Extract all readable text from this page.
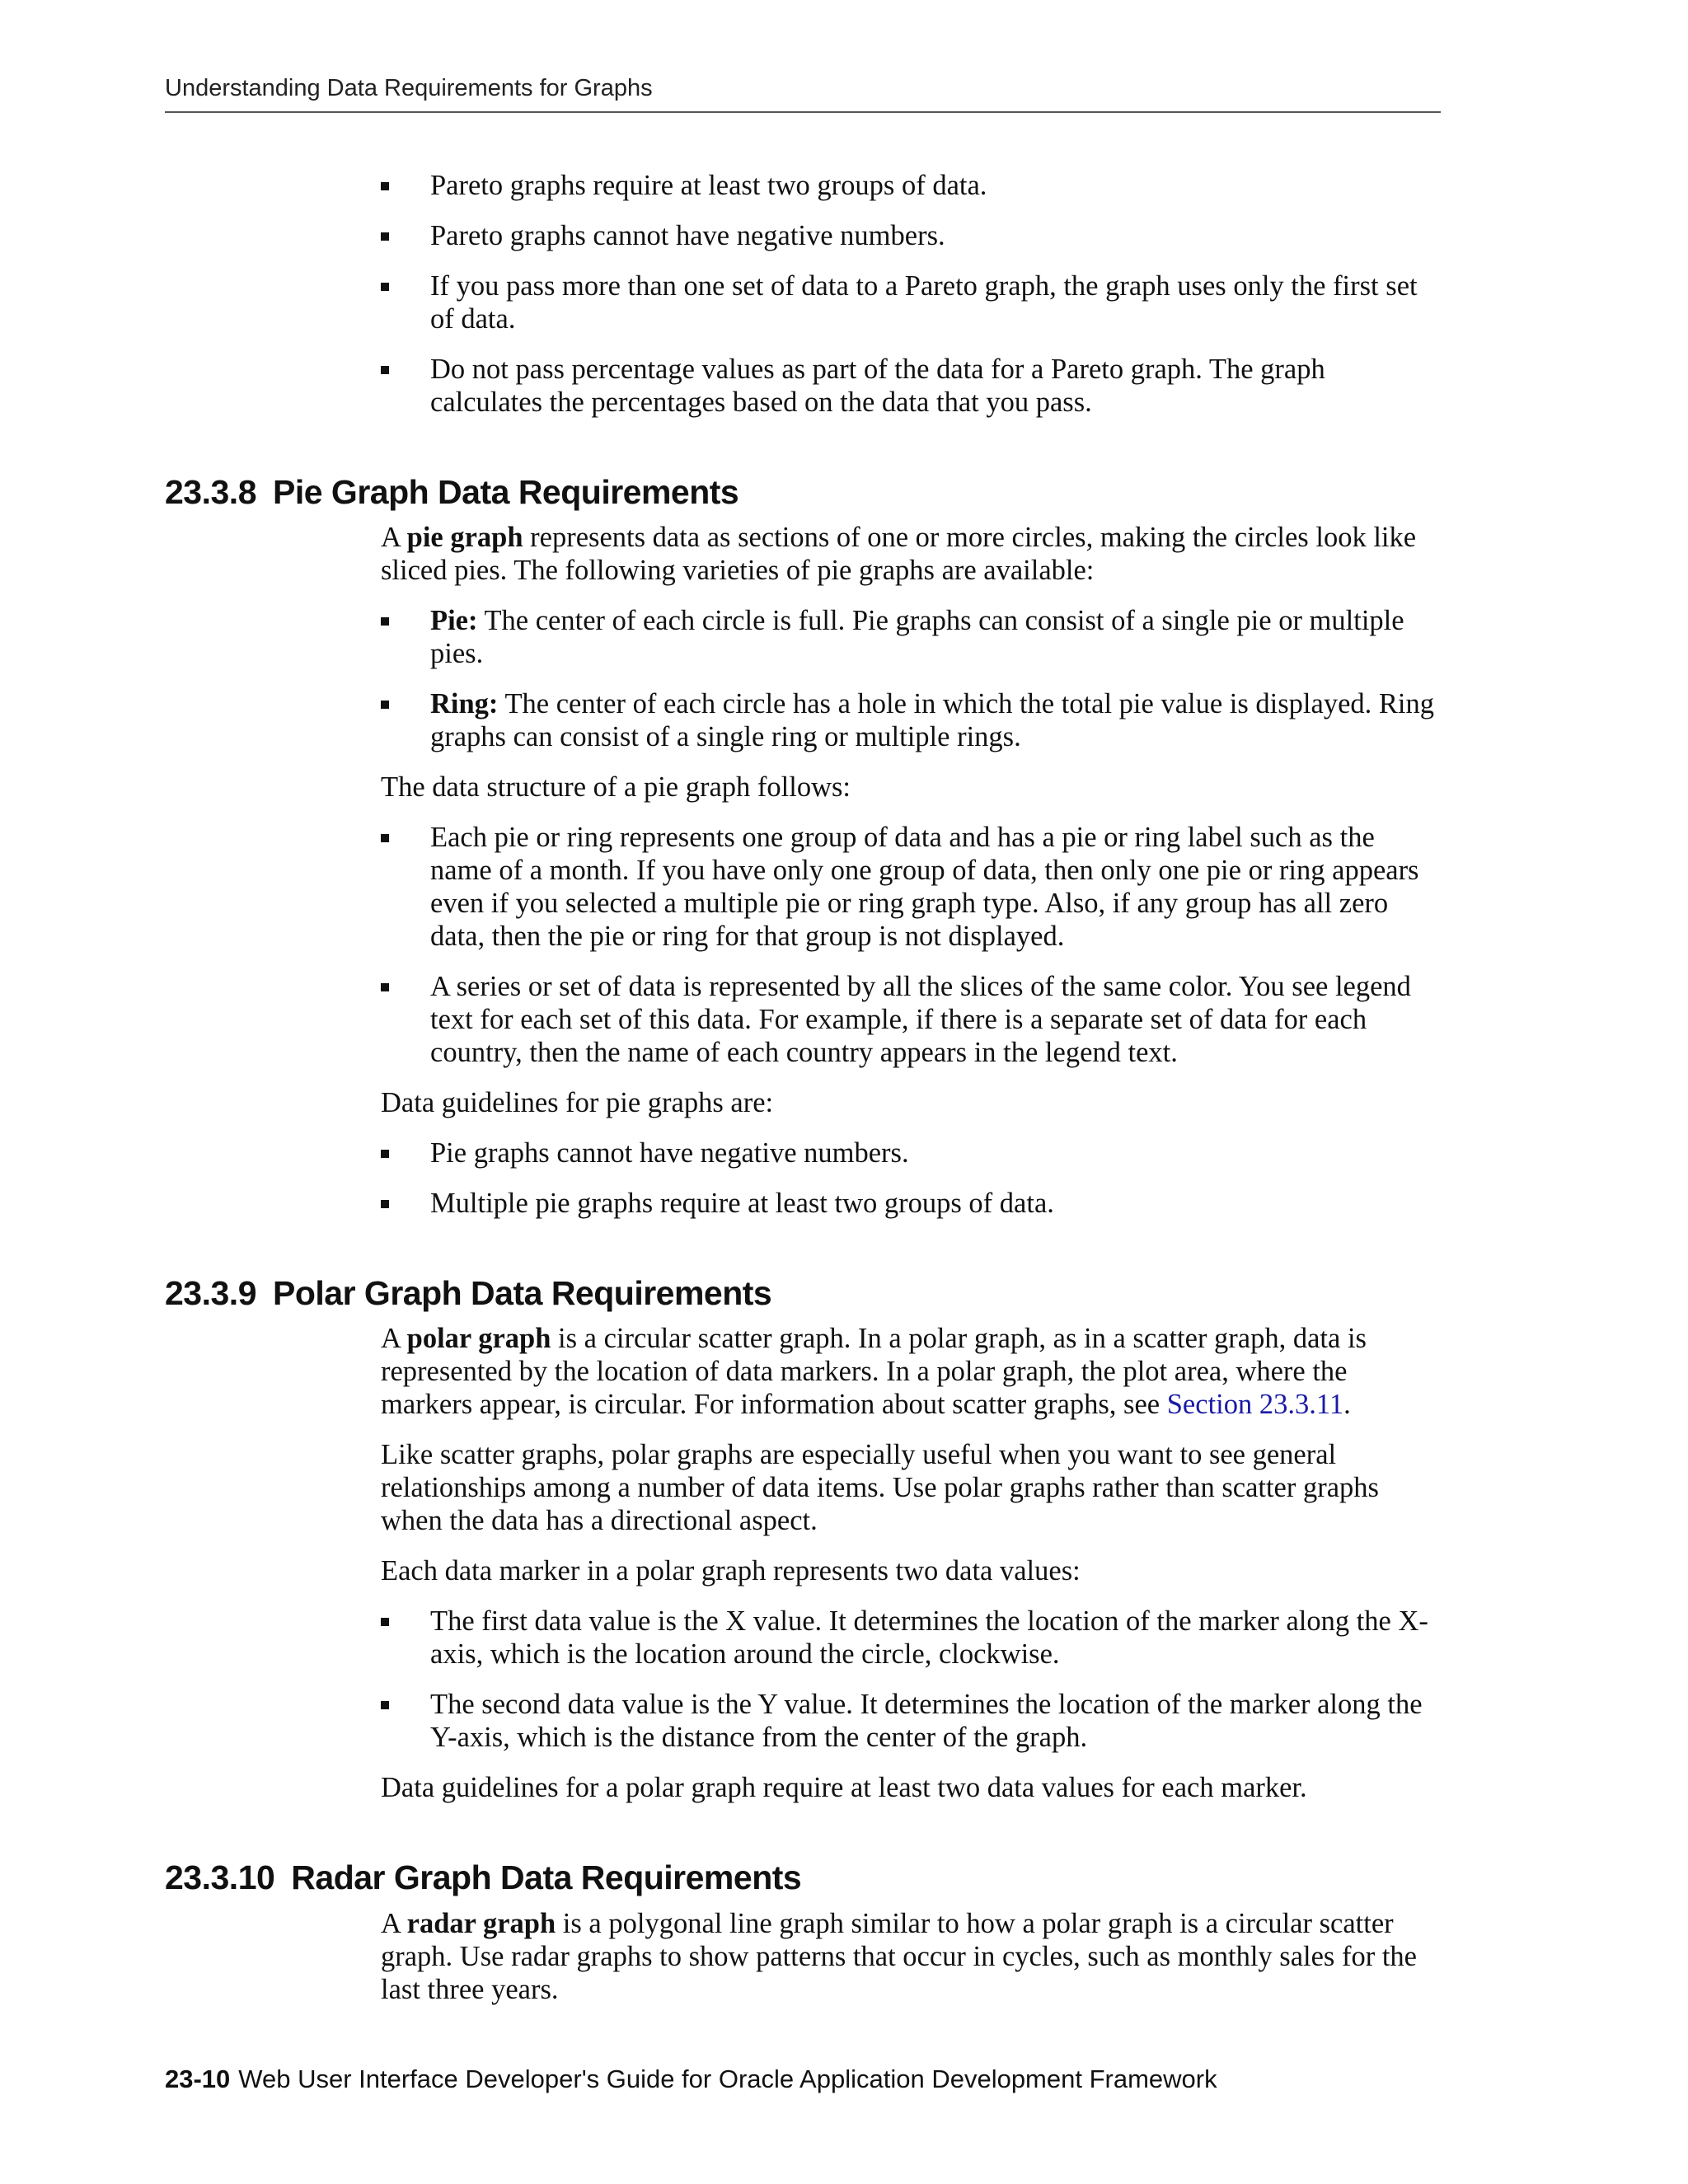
Understanding Data Requirements for Graphs
Pareto graphs require at least two groups of data.
Pareto graphs cannot have negative numbers.
If you pass more than one set of data to a Pareto graph, the graph uses only the first set of data.
Do not pass percentage values as part of the data for a Pareto graph. The graph calculates the percentages based on the data that you pass.
23.3.8 Pie Graph Data Requirements

A pie graph represents data as sections of one or more circles, making the circles look like sliced pies. The following varieties of pie graphs are available:

Pie: The center of each circle is full. Pie graphs can consist of a single pie or multiple pies.
Ring: The center of each circle has a hole in which the total pie value is displayed. Ring graphs can consist of a single ring or multiple rings.

The data structure of a pie graph follows:

Each pie or ring represents one group of data and has a pie or ring label such as the name of a month. If you have only one group of data, then only one pie or ring appears even if you selected a multiple pie or ring graph type. Also, if any group has all zero data, then the pie or ring for that group is not displayed.
A series or set of data is represented by all the slices of the same color. You see legend text for each set of this data. For example, if there is a separate set of data for each country, then the name of each country appears in the legend text.

Data guidelines for pie graphs are:

Pie graphs cannot have negative numbers.
Multiple pie graphs require at least two groups of data.
23.3.9 Polar Graph Data Requirements

A polar graph is a circular scatter graph. In a polar graph, as in a scatter graph, data is represented by the location of data markers. In a polar graph, the plot area, where the markers appear, is circular. For information about scatter graphs, see Section 23.3.11.

Like scatter graphs, polar graphs are especially useful when you want to see general relationships among a number of data items. Use polar graphs rather than scatter graphs when the data has a directional aspect.

Each data marker in a polar graph represents two data values:

The first data value is the X value. It determines the location of the marker along the X-axis, which is the location around the circle, clockwise.
The second data value is the Y value. It determines the location of the marker along the Y-axis, which is the distance from the center of the graph.

Data guidelines for a polar graph require at least two data values for each marker.

23.3.10 Radar Graph Data Requirements

A radar graph is a polygonal line graph similar to how a polar graph is a circular scatter graph. Use radar graphs to show patterns that occur in cycles, such as monthly sales for the last three years.

23-10 Web User Interface Developer's Guide for Oracle Application Development Framework
